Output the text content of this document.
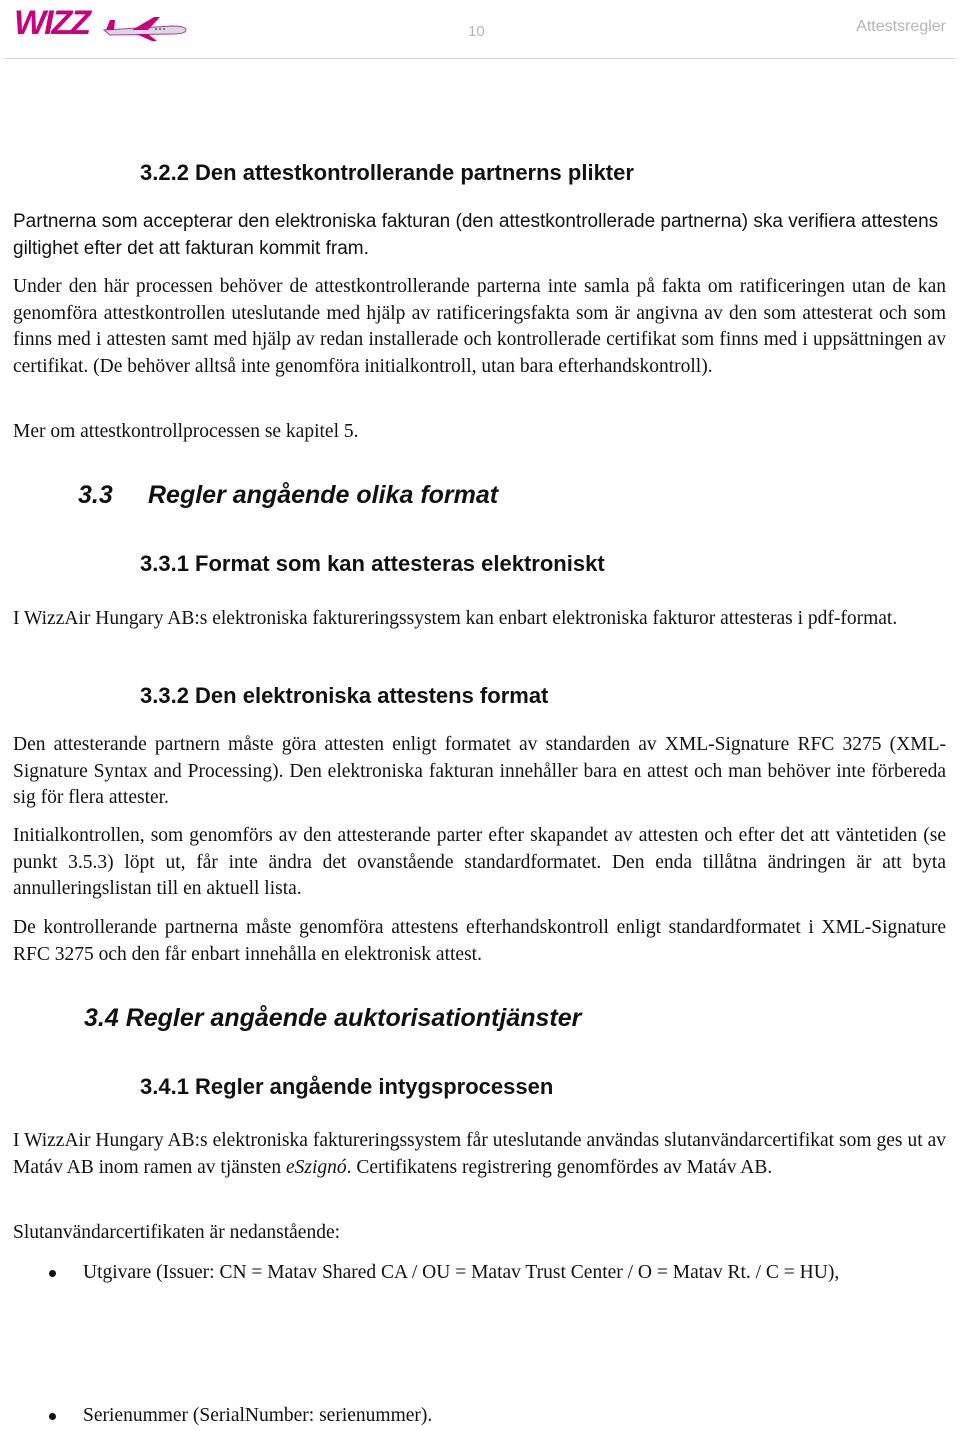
WIZZ	10	Attestsregler
3.2.2 Den attestkontrollerande partnerns plikter

Partnerna som accepterar den elektroniska fakturan (den attestkontrollerade partnerna) ska verifiera attestens giltighet efter det att fakturan kommit fram.

Under den här processen behöver de attestkontrollerande parterna inte samla på fakta om ratificeringen utan de kan genomföra attestkontrollen uteslutande med hjälp av ratificeringsfakta som är angivna av den som attesterat och som finns med i attesten samt med hjälp av redan installerade och kontrollerade certifikat som finns med i uppsättningen av certifikat. (De behöver alltså inte genomföra initialkontroll, utan bara efterhandskontroll).

Mer om attestkontrollprocessen se kapitel 5.

3.3 Regler angående olika format
3.3.1 Format som kan attesteras elektroniskt

I WizzAir Hungary AB:s elektroniska faktureringssystem kan enbart elektroniska fakturor attesteras i pdf-format.

3.3.2 Den elektroniska attestens format

Den attesterande partnern måste göra attesten enligt formatet av standarden av XML-Signature RFC 3275 (XML-Signature Syntax and Processing). Den elektroniska fakturan innehåller bara en attest och man behöver inte förbereda sig för flera attester.

Initialkontrollen, som genomförs av den attesterande parter efter skapandet av attesten och efter det att väntetiden (se punkt 3.5.3) löpt ut, får inte ändra det ovanstående standardformatet. Den enda tillåtna ändringen är att byta annulleringslistan till en aktuell lista.

De kontrollerande partnerna måste genomföra attestens efterhandskontroll enligt standardformatet i XML-Signature RFC 3275 och den får enbart innehålla en elektronisk attest.

3.4 Regler angående auktorisationtjänster
3.4.1 Regler angående intygsprocessen

I WizzAir Hungary AB:s elektroniska faktureringssystem får uteslutande användas slutanvändarcertifikat som ges ut av Matáv AB inom ramen av tjänsten eSzignó. Certifikatens registrering genomfördes av Matáv AB.

Slutanvändarcertifikaten är nedanstående:

Utgivare (Issuer: CN = Matav Shared CA / OU = Matav Trust Center / O = Matav Rt. / C = HU),
Serienummer (SerialNumber: serienummer).
